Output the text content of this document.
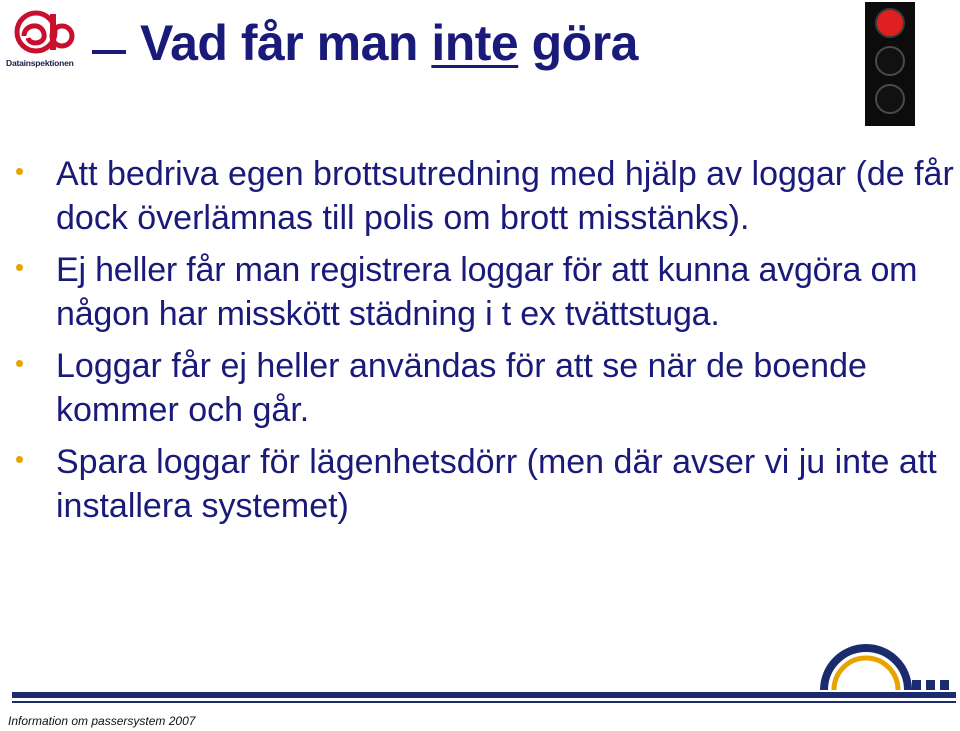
Datainspektionen Vad får man inte göra
Att bedriva egen brottsutredning med hjälp av loggar (de får dock överlämnas till polis om brott misstänks).
Ej heller får man registrera loggar för att kunna avgöra om någon har misskött städning i t ex tvättstuga.
Loggar får ej heller användas för att se när de boende kommer och går.
Spara loggar för lägenhetsdörr (men där avser vi ju inte att installera systemet)
Information om passersystem 2007
